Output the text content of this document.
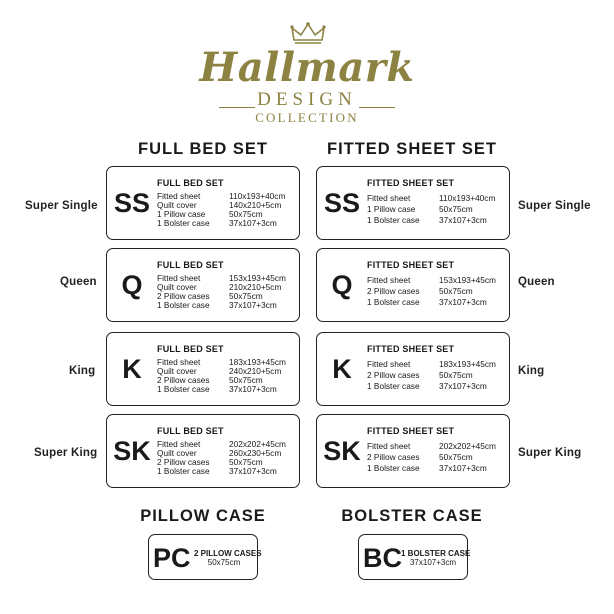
Hallmark
DESIGN
COLLECTION
FULL BED SET	FITTED SHEET SET
Super Single
Queen
King
Super King
Super Single
Queen
King
Super King
SS
FULL BED SET
Fitted sheet	110x193+40cm
Quilt cover	140x210+5cm
1 Pillow case	50x75cm
1 Bolster case 37x107+3cm
Q
FULL BED SET
Fitted sheet	153x193+45cm
Quilt cover	210x210+5cm
2 Pillow cases 50x75cm
1 Bolster case 37x107+3cm
K
FULL BED SET
Fitted sheet	183x193+45cm
Quilt cover	240x210+5cm
2 Pillow cases 50x75cm
1 Bolster case 37x107+3cm
SK
FULL BED SET
Fitted sheet	202x202+45cm
Quilt cover	260x230+5cm
2 Pillow cases 50x75cm
1 Bolster case 37x107+3cm
SS
FITTED SHEET SET
Fitted sheet	110x193+40cm
1 Pillow case	50x75cm
1 Bolster case 37x107+3cm
Q
FITTED SHEET SET
Fitted sheet	153x193+45cm
2 Pillow cases 50x75cm
1 Bolster case 37x107+3cm
K
FITTED SHEET SET
Fitted sheet	183x193+45cm
2 Pillow cases 50x75cm
1 Bolster case 37x107+3cm
SK
FITTED SHEET SET
Fitted sheet	202x202+45cm
2 Pillow cases 50x75cm
1 Bolster case 37x107+3cm
PILLOW CASE	BOLSTER CASE
PC 2 PILLOW CASES
50x75cm	BC 1 BOLSTER CASE
37x107+3cm
